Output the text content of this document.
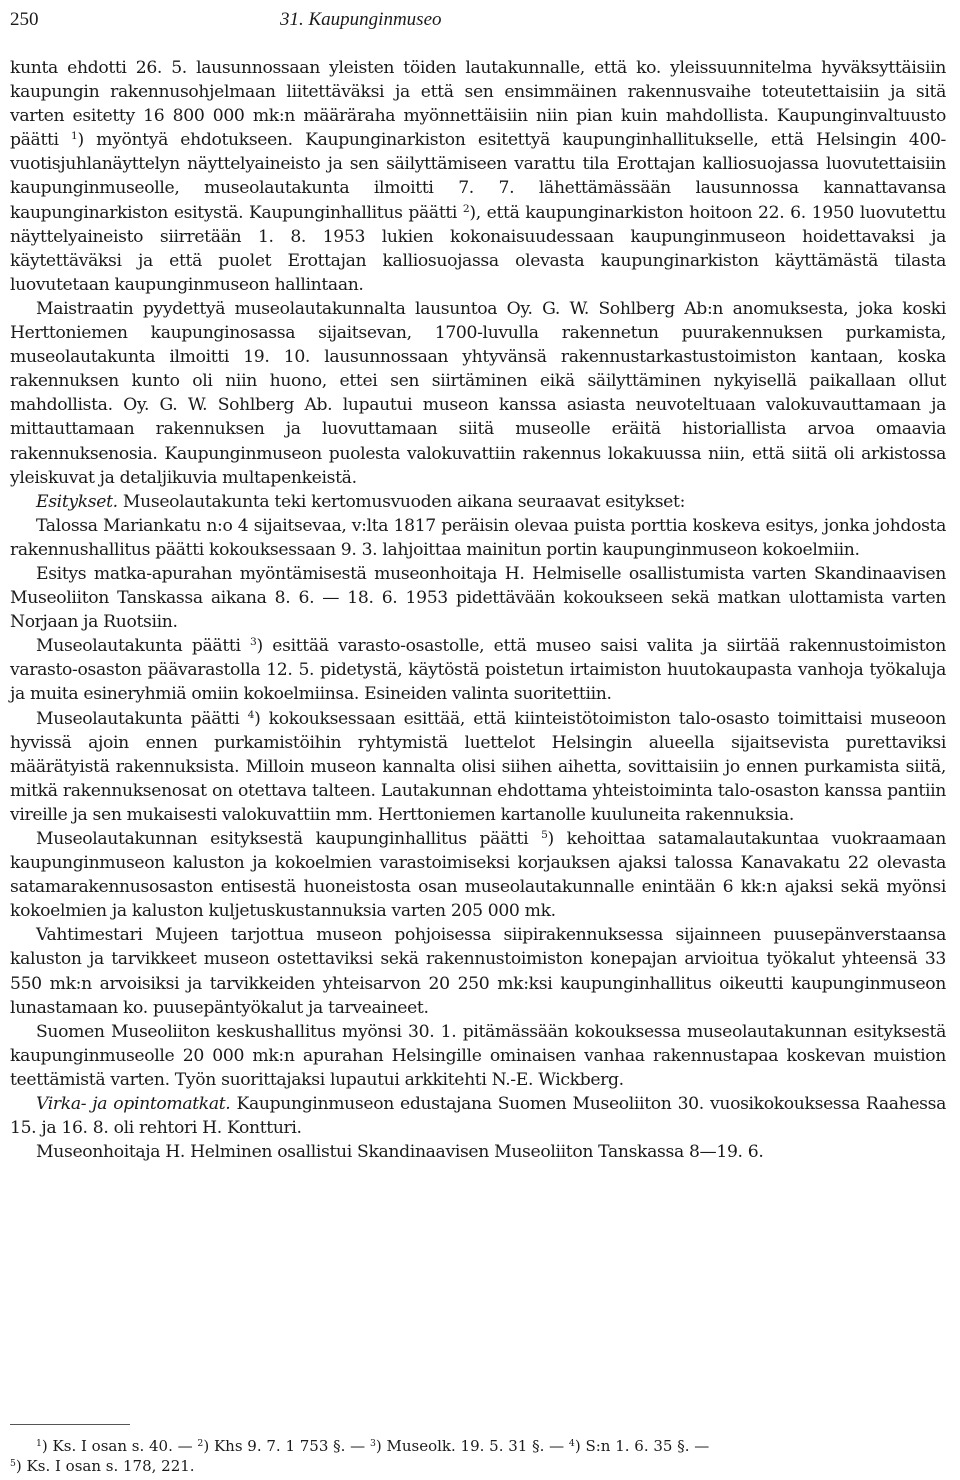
250	31. Kaupunginmuseo

kunta ehdotti 26. 5. lausunnossaan yleisten töiden lautakunnalle, että ko. yleissuunnitelma hyväksyttäisiin kaupungin rakennusohjelmaan liitettäväksi ja että sen ensimmäinen rakennusvaihe toteutettaisiin ja sitä varten esitetty 16 800 000 mk:n määräraha myönnettäisiin niin pian kuin mahdollista. Kaupunginvaltuusto päätti $^1$) myöntyä ehdotukseen. Kaupunginarkiston esitettyä kaupunginhallitukselle, että Helsingin 400-vuotisjuhlanäyttelyn näyttelyaineisto ja sen säilyttämiseen varattu tila Erottajan kalliosuojassa luovutettaisiin kaupunginmuseolle, museolautakunta ilmoitti 7. 7. lähettämässään lausunnossa kannattavansa kaupunginarkiston esitystä. Kaupunginhallitus päätti $^2$), että kaupunginarkiston hoitoon 22. 6. 1950 luovutettu näyttelyaineisto siirretään 1. 8. 1953 lukien kokonaisuudessaan kaupunginmuseon hoidettavaksi ja käytettäväksi ja että puolet Erottajan kalliosuojassa olevasta kaupunginarkiston käyttämästä tilasta luovutetaan kaupunginmuseon hallintaan.

Maistraatin pyydettyä museolautakunnalta lausuntoa Oy. G. W. Sohlberg Ab:n anomuksesta, joka koski Herttoniemen kaupunginosassa sijaitsevan, 1700-luvulla rakennetun puurakennuksen purkamista, museolautakunta ilmoitti 19. 10. lausunnossaan yhtyvänsä rakennustarkastustoimiston kantaan, koska rakennuksen kunto oli niin huono, ettei sen siirtäminen eikä säilyttäminen nykyisellä paikallaan ollut mahdollista. Oy. G. W. Sohlberg Ab. lupautui museon kanssa asiasta neuvoteltuaan valokuvauttamaan ja mittauttamaan rakennuksen ja luovuttamaan siitä museolle eräitä historiallista arvoa omaavia rakennuksenosia. Kaupunginmuseon puolesta valokuvattiin rakennus lokakuussa niin, että siitä oli arkistossa yleiskuvat ja detaljikuvia multapenkeistä.

Esitykset. Museolautakunta teki kertomusvuoden aikana seuraavat esitykset:

Talossa Mariankatu n:o 4 sijaitsevaa, v:lta 1817 peräisin olevaa puista porttia koskeva esitys, jonka johdosta rakennushallitus päätti kokouksessaan 9. 3. lahjoittaa mainitun portin kaupunginmuseon kokoelmiin.

Esitys matka-apurahan myöntämisestä museonhoitaja H. Helmiselle osallistumista varten Skandinaavisen Museoliiton Tanskassa aikana 8. 6. — 18. 6. 1953 pidettävään kokoukseen sekä matkan ulottamista varten Norjaan ja Ruotsiin.

Museolautakunta päätti $^3$) esittää varasto-osastolle, että museo saisi valita ja siirtää rakennustoimiston varasto-osaston päävarastolla 12. 5. pidetystä, käytöstä poistetun irtaimiston huutokaupasta vanhoja työkaluja ja muita esineryhmiä omiin kokoelmiinsa. Esineiden valinta suoritettiin.

Museolautakunta päätti $^4$) kokouksessaan esittää, että kiinteistötoimiston talo-osasto toimittaisi museoon hyvissä ajoin ennen purkamistöihin ryhtymistä luettelot Helsingin alueella sijaitsevista purettaviksi määrätyistä rakennuksista. Milloin museon kannalta olisi siihen aihetta, sovittaisiin jo ennen purkamista siitä, mitkä rakennuksenosat on otettava talteen. Lautakunnan ehdottama yhteistoiminta talo-osaston kanssa pantiin vireille ja sen mukaisesti valokuvattiin mm. Herttoniemen kartanolle kuuluneita rakennuksia.

Museolautakunnan esityksestä kaupunginhallitus päätti $^5$) kehoittaa satamalautakuntaa vuokraamaan kaupunginmuseon kaluston ja kokoelmien varastoimiseksi korjauksen ajaksi talossa Kanavakatu 22 olevasta satamarakennusosaston entisestä huoneistosta osan museolautakunnalle enintään 6 kk:n ajaksi sekä myönsi kokoelmien ja kaluston kuljetuskustannuksia varten 205 000 mk.

Vahtimestari Mujeen tarjottua museon pohjoisessa siipirakennuksessa sijainneen puusepänverstaansa kaluston ja tarvikkeet museon ostettaviksi sekä rakennustoimiston konepajan arvioitua työkalut yhteensä 33 550 mk:n arvoisiksi ja tarvikkeiden yhteisarvon 20 250 mk:ksi kaupunginhallitus oikeutti kaupunginmuseon lunastamaan ko. puusepäntyökalut ja tarveaineet.

Suomen Museoliiton keskushallitus myönsi 30. 1. pitämässään kokouksessa museolautakunnan esityksestä kaupunginmuseolle 20 000 mk:n apurahan Helsingille ominaisen vanhaa rakennustapaa koskevan muistion teettämistä varten. Työn suorittajaksi lupautui arkkitehti N.-E. Wickberg.

Virka- ja opintomatkat. Kaupunginmuseon edustajana Suomen Museoliiton 30. vuosikokouksessa Raahessa 15. ja 16. 8. oli rehtori H. Kontturi.

Museonhoitaja H. Helminen osallistui Skandinaavisen Museoliiton Tanskassa 8—19. 6.

$^1$) Ks. I osan s. 40. — $^2$) Khs 9. 7. 1 753 §. — $^3$) Museolk. 19. 5. 31 §. — $^4$) S:n 1. 6. 35 §. —

$^5$) Ks. I osan s. 178, 221.
